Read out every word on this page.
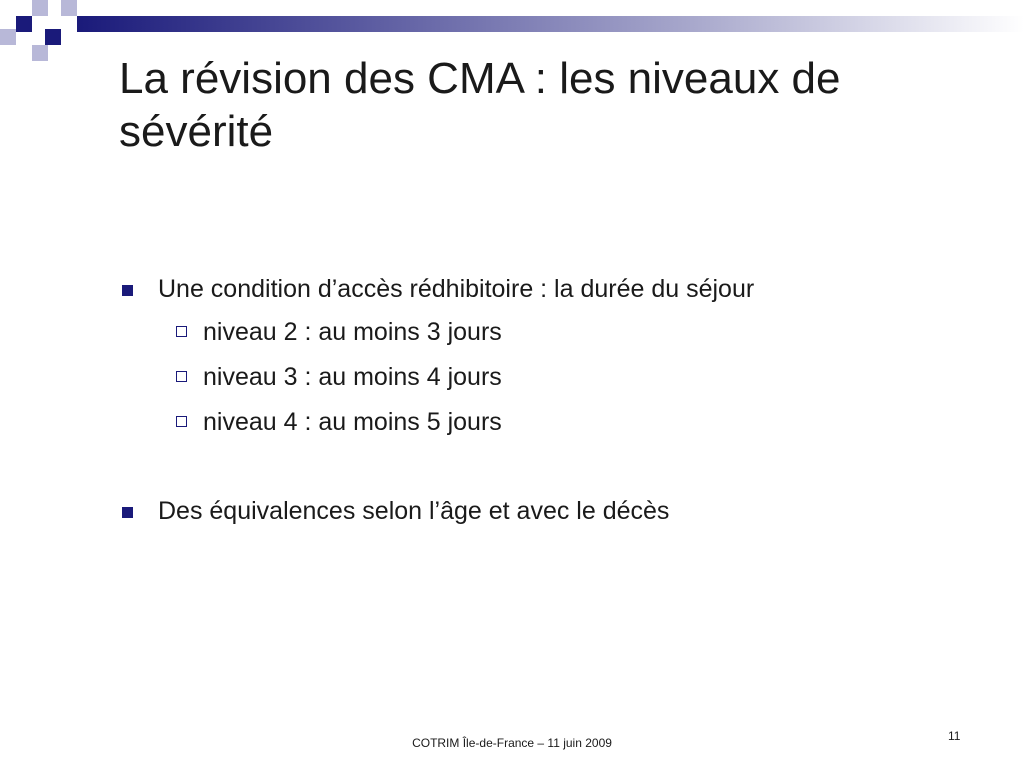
La révision des CMA : les niveaux de sévérité
Une condition d’accès rédhibitoire : la durée du séjour
niveau 2 : au moins 3 jours
niveau 3 : au moins 4 jours
niveau 4 : au moins 5 jours
Des équivalences selon l’âge et avec le décès
COTRIM Île-de-France – 11 juin 2009	11
